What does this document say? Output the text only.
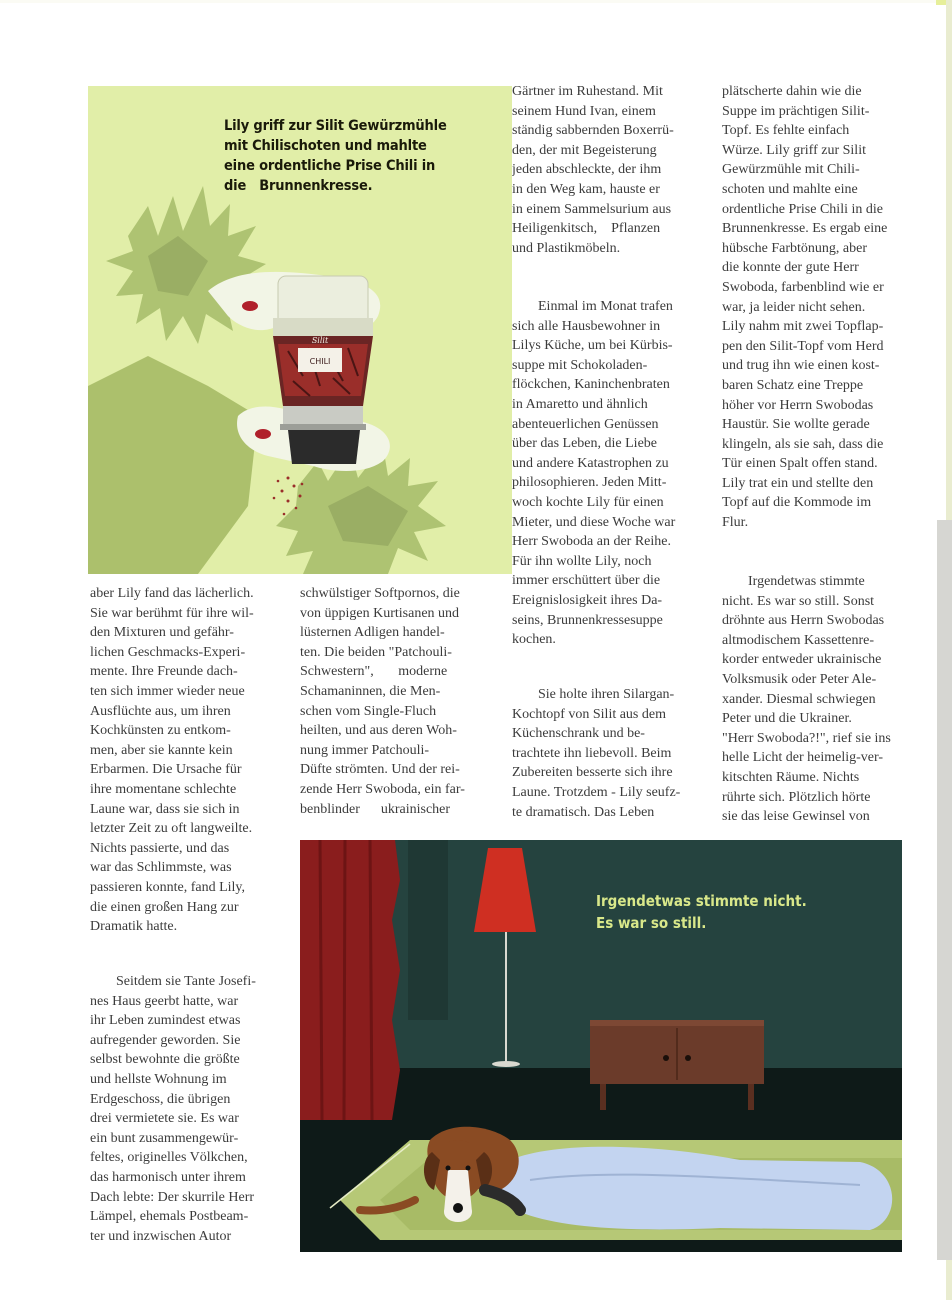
CHILI
Silit
Lily griff zur Silit Gewürzmühle
mit Chilischoten und mahlte
eine ordentliche Prise Chili in
die   Brunnenkresse.
Irgendetwas stimmte nicht.
Es war so still.
aber Lily fand das lächerlich.
Sie war berühmt für ihre wil-
den Mixturen und gefähr-
lichen Geschmacks-Experi-
mente. Ihre Freunde dach-
ten sich immer wieder neue
Ausflüchte aus, um ihren
Kochkünsten zu entkom-
men, aber sie kannte kein
Erbarmen. Die Ursache für
ihre momentane schlechte
Laune war, dass sie sich in
letzter Zeit zu oft langweilte.
Nichts passierte, und das
war das Schlimmste, was
passieren konnte, fand Lily,
die einen großen Hang zur
Dramatik hatte.
Seitdem sie Tante Josefi-
nes Haus geerbt hatte, war
ihr Leben zumindest etwas
aufregender geworden. Sie
selbst bewohnte die größte
und hellste Wohnung im
Erdgeschoss, die übrigen
drei vermietete sie. Es war
ein bunt zusammengewür-
feltes, originelles Völkchen,
das harmonisch unter ihrem
Dach lebte: Der skurrile Herr
Lämpel, ehemals Postbeam-
ter und inzwischen Autor
schwülstiger Softpornos, die
von üppigen Kurtisanen und
lüsternen Adligen handel-
ten. Die beiden "Patchouli-
Schwestern",       moderne
Schamaninnen, die Men-
schen vom Single-Fluch
heilten, und aus deren Woh-
nung immer Patchouli-
Düfte strömten. Und der rei-
zende Herr Swoboda, ein far-
benblinder      ukrainischer
Gärtner im Ruhestand. Mit
seinem Hund Ivan, einem
ständig sabbernden Boxerrü-
den, der mit Begeisterung
jeden abschleckte, der ihm
in den Weg kam, hauste er
in einem Sammelsurium aus
Heiligenkitsch,    Pflanzen
und Plastikmöbeln.
Einmal im Monat trafen
sich alle Hausbewohner in
Lilys Küche, um bei Kürbis-
suppe mit Schokoladen-
flöckchen, Kaninchenbraten
in Amaretto und ähnlich
abenteuerlichen Genüssen
über das Leben, die Liebe
und andere Katastrophen zu
philosophieren. Jeden Mitt-
woch kochte Lily für einen
Mieter, und diese Woche war
Herr Swoboda an der Reihe.
Für ihn wollte Lily, noch
immer erschüttert über die
Ereignislosigkeit ihres Da-
seins, Brunnenkressesuppe
kochen.
Sie holte ihren Silargan-
Kochtopf von Silit aus dem
Küchenschrank und be-
trachtete ihn liebevoll. Beim
Zubereiten besserte sich ihre
Laune. Trotzdem - Lily seufz-
te dramatisch. Das Leben
plätscherte dahin wie die
Suppe im prächtigen Silit-
Topf. Es fehlte einfach
Würze. Lily griff zur Silit
Gewürzmühle mit Chili-
schoten und mahlte eine
ordentliche Prise Chili in die
Brunnenkresse. Es ergab eine
hübsche Farbtönung, aber
die konnte der gute Herr
Swoboda, farbenblind wie er
war, ja leider nicht sehen.
Lily nahm mit zwei Topflap-
pen den Silit-Topf vom Herd
und trug ihn wie einen kost-
baren Schatz eine Treppe
höher vor Herrn Swobodas
Haustür. Sie wollte gerade
klingeln, als sie sah, dass die
Tür einen Spalt offen stand.
Lily trat ein und stellte den
Topf auf die Kommode im
Flur.
Irgendetwas stimmte
nicht. Es war so still. Sonst
dröhnte aus Herrn Swobodas
altmodischem Kassettenre-
korder entweder ukrainische
Volksmusik oder Peter Ale-
xander. Diesmal schwiegen
Peter und die Ukrainer.
"Herr Swoboda?!", rief sie ins
helle Licht der heimelig-ver-
kitschten Räume. Nichts
rührte sich. Plötzlich hörte
sie das leise Gewinsel von
